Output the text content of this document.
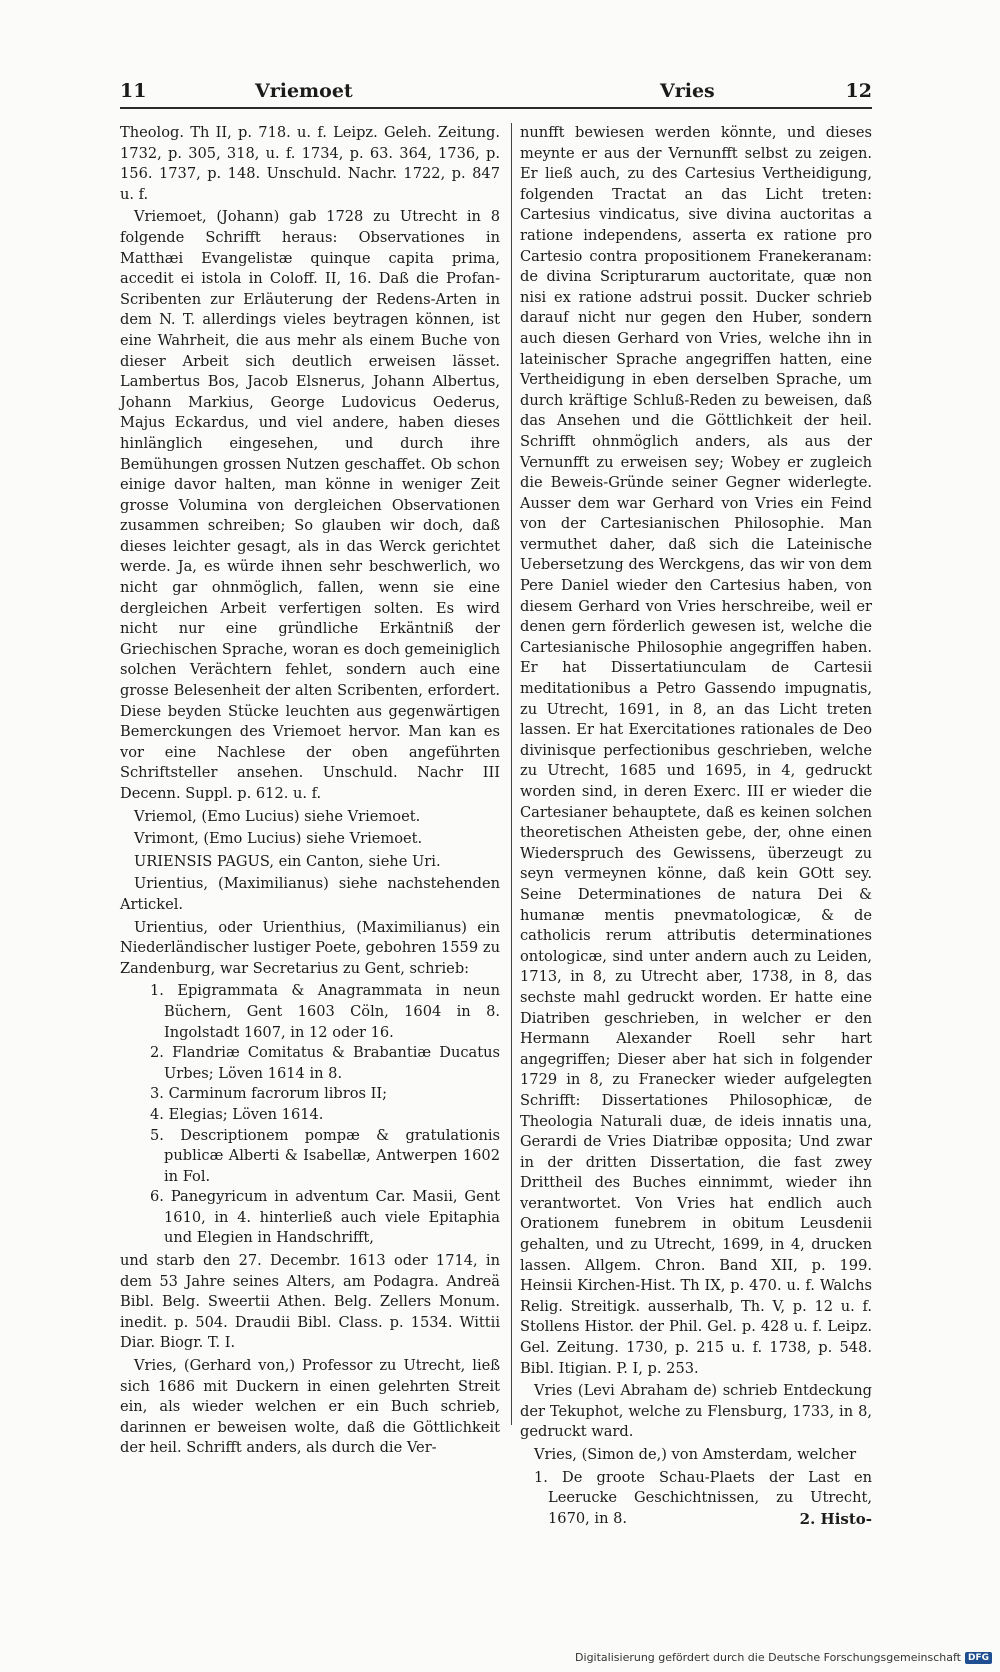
11	Vriemoet	Vries	12

Theolog. Th II, p. 718. u. f. Leipz. Geleh. Zeitung. 1732, p. 305, 318, u. f. 1734, p. 63. 364, 1736, p. 156. 1737, p. 148. Unschuld. Nachr. 1722, p. 847 u. f.

Vriemoet, (Johann) gab 1728 zu Utrecht in 8 folgende Schrifft heraus: Observationes in Matthæi Evangelistæ quinque capita prima, accedit ei istola in Coloff. II, 16. Daß die Profan-Scribenten zur Erläuterung der Redens-Arten in dem N. T. allerdings vieles beytragen können, ist eine Wahrheit, die aus mehr als einem Buche von dieser Arbeit sich deutlich erweisen lässet. Lambertus Bos, Jacob Elsnerus, Johann Albertus, Johann Markius, George Ludovicus Oederus, Majus Eckardus, und viel andere, haben dieses hinlänglich eingesehen, und durch ihre Bemühungen grossen Nutzen geschaffet. Ob schon einige davor halten, man könne in weniger Zeit grosse Volumina von dergleichen Observationen zusammen schreiben; So glauben wir doch, daß dieses leichter gesagt, als in das Werck gerichtet werde. Ja, es würde ihnen sehr beschwerlich, wo nicht gar ohnmöglich, fallen, wenn sie eine dergleichen Arbeit verfertigen solten. Es wird nicht nur eine gründliche Erkäntniß der Griechischen Sprache, woran es doch gemeiniglich solchen Verächtern fehlet, sondern auch eine grosse Belesenheit der alten Scribenten, erfordert. Diese beyden Stücke leuchten aus gegenwärtigen Bemerckungen des Vriemoet hervor. Man kan es vor eine Nachlese der oben angeführten Schriftsteller ansehen. Unschuld. Nachr III Decenn. Suppl. p. 612. u. f.

Vriemol, (Emo Lucius) siehe Vriemoet.

Vrimont, (Emo Lucius) siehe Vriemoet.

URIENSIS PAGUS, ein Canton, siehe Uri.

Urientius, (Maximilianus) siehe nachstehenden Artickel.

Urientius, oder Urienthius, (Maximilianus) ein Niederländischer lustiger Poete, gebohren 1559 zu Zandenburg, war Secretarius zu Gent, schrieb:

1. Epigrammata & Anagrammata in neun Büchern, Gent 1603 Cöln, 1604 in 8. Ingolstadt 1607, in 12 oder 16.
2. Flandriæ Comitatus & Brabantiæ Ducatus Urbes; Löven 1614 in 8.
3. Carminum facrorum libros II;
4. Elegias; Löven 1614.
5. Descriptionem pompæ & gratulationis publicæ Alberti & Isabellæ, Antwerpen 1602 in Fol.
6. Panegyricum in adventum Car. Masii, Gent 1610, in 4. hinterließ auch viele Epitaphia und Elegien in Handschrifft,

und starb den 27. Decembr. 1613 oder 1714, in dem 53 Jahre seines Alters, am Podagra. Andreä Bibl. Belg. Sweertii Athen. Belg. Zellers Monum. inedit. p. 504. Draudii Bibl. Class. p. 1534. Wittii Diar. Biogr. T. I.

Vries, (Gerhard von,) Professor zu Utrecht, ließ sich 1686 mit Duckern in einen gelehrten Streit ein, als wieder welchen er ein Buch schrieb, darinnen er beweisen wolte, daß die Göttlichkeit der heil. Schrifft anders, als durch die Ver-

nunfft bewiesen werden könnte, und dieses meynte er aus der Vernunfft selbst zu zeigen. Er ließ auch, zu des Cartesius Vertheidigung, folgenden Tractat an das Licht treten: Cartesius vindicatus, sive divina auctoritas a ratione independens, asserta ex ratione pro Cartesio contra propositionem Franekeranam: de divina Scripturarum auctoritate, quæ non nisi ex ratione adstrui possit. Ducker schrieb darauf nicht nur gegen den Huber, sondern auch diesen Gerhard von Vries, welche ihn in lateinischer Sprache angegriffen hatten, eine Vertheidigung in eben derselben Sprache, um durch kräftige Schluß-Reden zu beweisen, daß das Ansehen und die Göttlichkeit der heil. Schrifft ohnmöglich anders, als aus der Vernunfft zu erweisen sey; Wobey er zugleich die Beweis-Gründe seiner Gegner widerlegte. Ausser dem war Gerhard von Vries ein Feind von der Cartesianischen Philosophie. Man vermuthet daher, daß sich die Lateinische Uebersetzung des Werckgens, das wir von dem Pere Daniel wieder den Cartesius haben, von diesem Gerhard von Vries herschreibe, weil er denen gern förderlich gewesen ist, welche die Cartesianische Philosophie angegriffen haben. Er hat Dissertatiunculam de Cartesii meditationibus a Petro Gassendo impugnatis, zu Utrecht, 1691, in 8, an das Licht treten lassen. Er hat Exercitationes rationales de Deo divinisque perfectionibus geschrieben, welche zu Utrecht, 1685 und 1695, in 4, gedruckt worden sind, in deren Exerc. III er wieder die Cartesianer behauptete, daß es keinen solchen theoretischen Atheisten gebe, der, ohne einen Wiederspruch des Gewissens, überzeugt zu seyn vermeynen könne, daß kein GOtt sey. Seine Determinationes de natura Dei & humanæ mentis pnevmatologicæ, & de catholicis rerum attributis determinationes ontologicæ, sind unter andern auch zu Leiden, 1713, in 8, zu Utrecht aber, 1738, in 8, das sechste mahl gedruckt worden. Er hatte eine Diatriben geschrieben, in welcher er den Hermann Alexander Roell sehr hart angegriffen; Dieser aber hat sich in folgender 1729 in 8, zu Franecker wieder aufgelegten Schrifft: Dissertationes Philosophicæ, de Theologia Naturali duæ, de ideis innatis una, Gerardi de Vries Diatribæ opposita; Und zwar in der dritten Dissertation, die fast zwey Drittheil des Buches einnimmt, wieder ihn verantwortet. Von Vries hat endlich auch Orationem funebrem in obitum Leusdenii gehalten, und zu Utrecht, 1699, in 4, drucken lassen. Allgem. Chron. Band XII, p. 199. Heinsii Kirchen-Hist. Th IX, p. 470. u. f. Walchs Relig. Streitigk. ausserhalb, Th. V, p. 12 u. f. Stollens Histor. der Phil. Gel. p. 428 u. f. Leipz. Gel. Zeitung. 1730, p. 215 u. f. 1738, p. 548. Bibl. Itigian. P. I, p. 253.

Vries (Levi Abraham de) schrieb Entdeckung der Tekuphot, welche zu Flensburg, 1733, in 8, gedruckt ward.

Vries, (Simon de,) von Amsterdam, welcher

1. De groote Schau-Plaets der Last en Leerucke Geschichtnissen, zu Utrecht, 1670, in 8.	2. Histo-
Digitalisierung gefördert durch die Deutsche Forschungsgemeinschaft DFG
